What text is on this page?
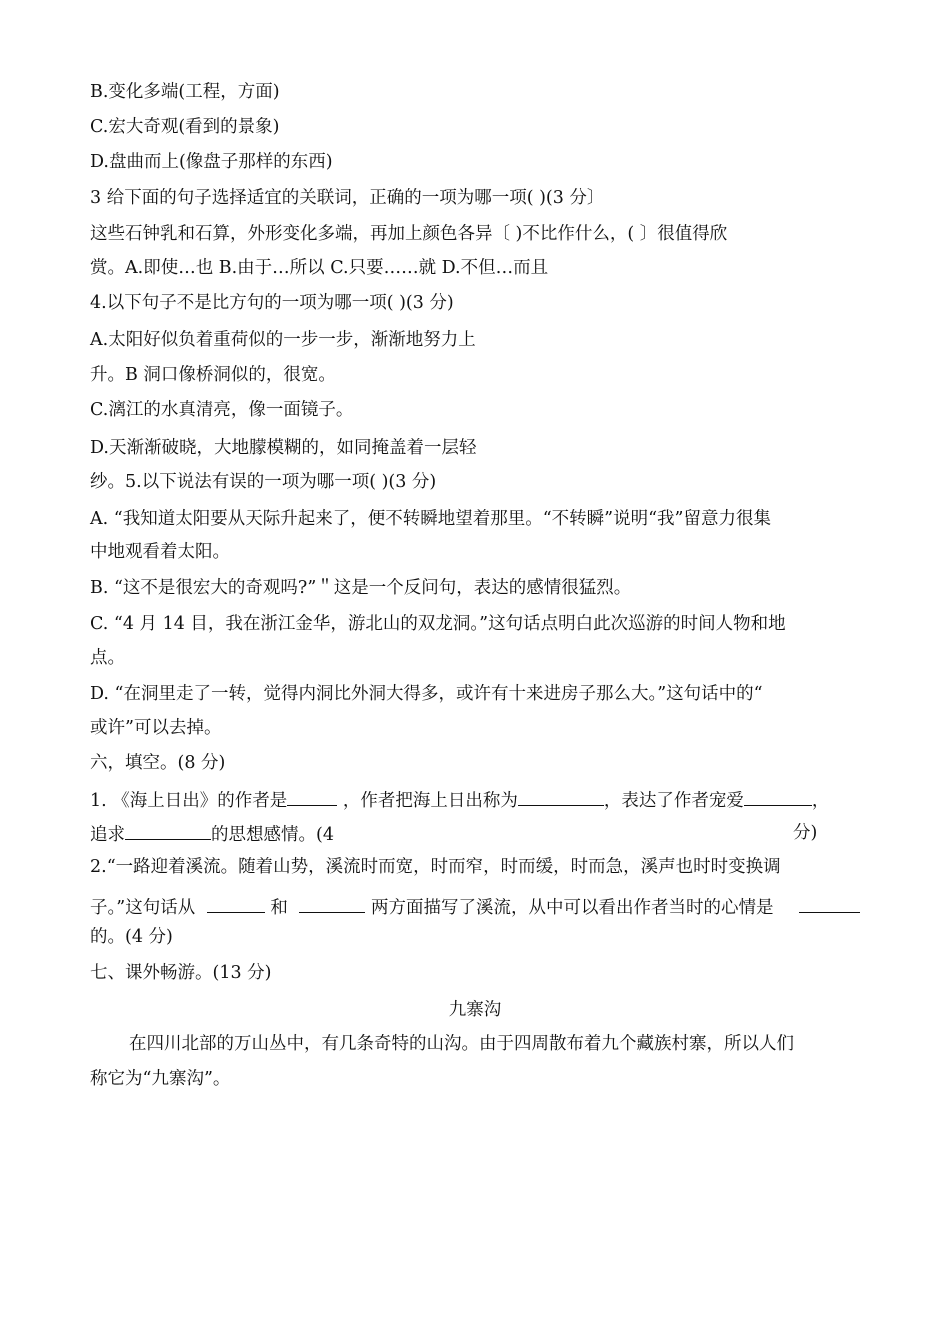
B.变化多端(工程，方面)
C.宏大奇观(看到的景象)
D.盘曲而上(像盘子那样的东西)
3 给下面的句子选择适宜的关联词，正确的一项为哪一项( )(3 分〕
这些石钟乳和石算，外形变化多端，再加上颜色各异〔 )不比作什么，( 〕很值得欣
赏。A.即使…也 B.由于…所以 C.只要……就 D.不但…而且
4.以下句子不是比方句的一项为哪一项( )(3 分)
A.太阳好似负着重荷似的一步一步，渐渐地努力上
升。B 洞口像桥洞似的，很宽。
C.漓江的水真清亮，像一面镜子。
D.天渐渐破晓，大地朦模糊的，如同掩盖着一层轻
纱。5.以下说法有误的一项为哪一项( )(3 分)
A. “我知道太阳要从天际升起来了，便不转瞬地望着那里。“不转瞬”说明“我”留意力很集
中地观看着太阳。
B. “这不是很宏大的奇观吗?”＂这是一个反问句，表达的感情很猛烈。
C. “4 月 14 目，我在浙江金华，游北山的双龙洞。”这句话点明白此次巡游的时间人物和地
点。
D. “在洞里走了一转，觉得内洞比外洞大得多，或许有十来进房子那么大。”这句话中的“
或许”可以去掉。
六，填空。(8 分)
1. 《海上日出》的作者是	，作者把海上日出称为	，表达了作者宠爱	，
追求	的思想感情。(4	分)
2.“一路迎着溪流。随着山势，溪流时而宽，时而窄，时而缓，时而急，溪声也时时变换调
子。”这句话从	和	两方面描写了溪流，从中可以看出作者当时的心情是
的。(4 分)
七、课外畅游。(13 分)
九寨沟
在四川北部的万山丛中，有几条奇特的山沟。由于四周散布着九个藏族村寨，所以人们
称它为“九寨沟”。
